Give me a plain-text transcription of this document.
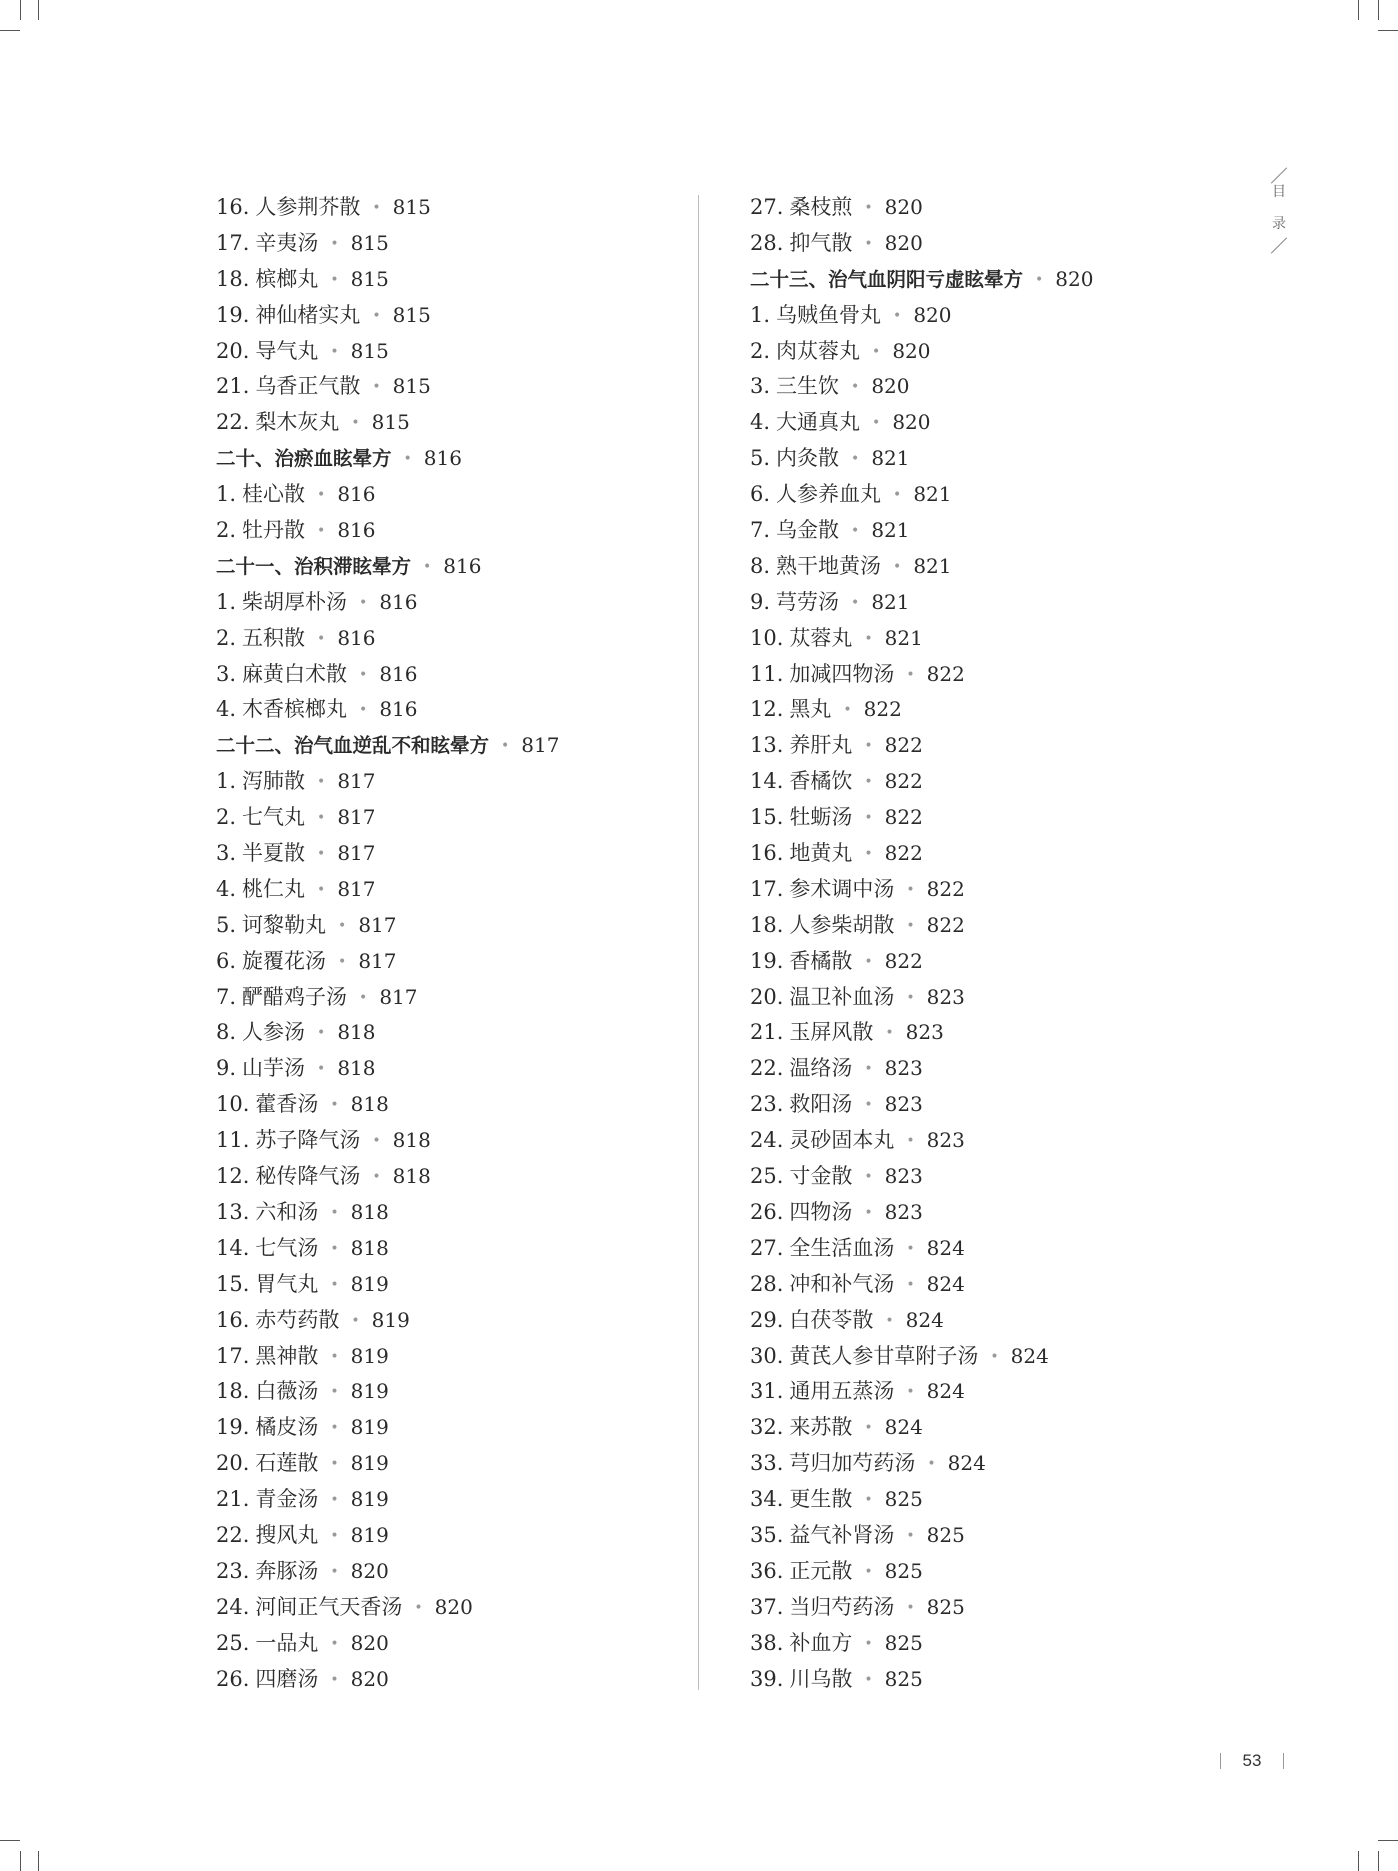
目
录
16. 人参荆芥散 • 815
17. 辛夷汤 • 815
18. 槟榔丸 • 815
19. 神仙楮实丸 • 815
20. 导气丸 • 815
21. 乌香正气散 • 815
22. 梨木灰丸 • 815
二十、治瘀血眩晕方 • 816
1. 桂心散 • 816
2. 牡丹散 • 816
二十一、治积滞眩晕方 • 816
1. 柴胡厚朴汤 • 816
2. 五积散 • 816
3. 麻黄白术散 • 816
4. 木香槟榔丸 • 816
二十二、治气血逆乱不和眩晕方 • 817
1. 泻肺散 • 817
2. 七气丸 • 817
3. 半夏散 • 817
4. 桃仁丸 • 817
5. 诃黎勒丸 • 817
6. 旋覆花汤 • 817
7. 酽醋鸡子汤 • 817
8. 人参汤 • 818
9. 山芋汤 • 818
10. 藿香汤 • 818
11. 苏子降气汤 • 818
12. 秘传降气汤 • 818
13. 六和汤 • 818
14. 七气汤 • 818
15. 胃气丸 • 819
16. 赤芍药散 • 819
17. 黑神散 • 819
18. 白薇汤 • 819
19. 橘皮汤 • 819
20. 石莲散 • 819
21. 青金汤 • 819
22. 搜风丸 • 819
23. 奔豚汤 • 820
24. 河间正气天香汤 • 820
25. 一品丸 • 820
26. 四磨汤 • 820
27. 桑枝煎 • 820
28. 抑气散 • 820
二十三、治气血阴阳亏虚眩晕方 • 820
1. 乌贼鱼骨丸 • 820
2. 肉苁蓉丸 • 820
3. 三生饮 • 820
4. 大通真丸 • 820
5. 内灸散 • 821
6. 人参养血丸 • 821
7. 乌金散 • 821
8. 熟干地黄汤 • 821
9. 芎劳汤 • 821
10. 苁蓉丸 • 821
11. 加减四物汤 • 822
12. 黑丸 • 822
13. 养肝丸 • 822
14. 香橘饮 • 822
15. 牡蛎汤 • 822
16. 地黄丸 • 822
17. 参术调中汤 • 822
18. 人参柴胡散 • 822
19. 香橘散 • 822
20. 温卫补血汤 • 823
21. 玉屏风散 • 823
22. 温络汤 • 823
23. 救阳汤 • 823
24. 灵砂固本丸 • 823
25. 寸金散 • 823
26. 四物汤 • 823
27. 全生活血汤 • 824
28. 冲和补气汤 • 824
29. 白茯苓散 • 824
30. 黄芪人参甘草附子汤 • 824
31. 通用五蒸汤 • 824
32. 来苏散 • 824
33. 芎归加芍药汤 • 824
34. 更生散 • 825
35. 益气补肾汤 • 825
36. 正元散 • 825
37. 当归芍药汤 • 825
38. 补血方 • 825
39. 川乌散 • 825
53
